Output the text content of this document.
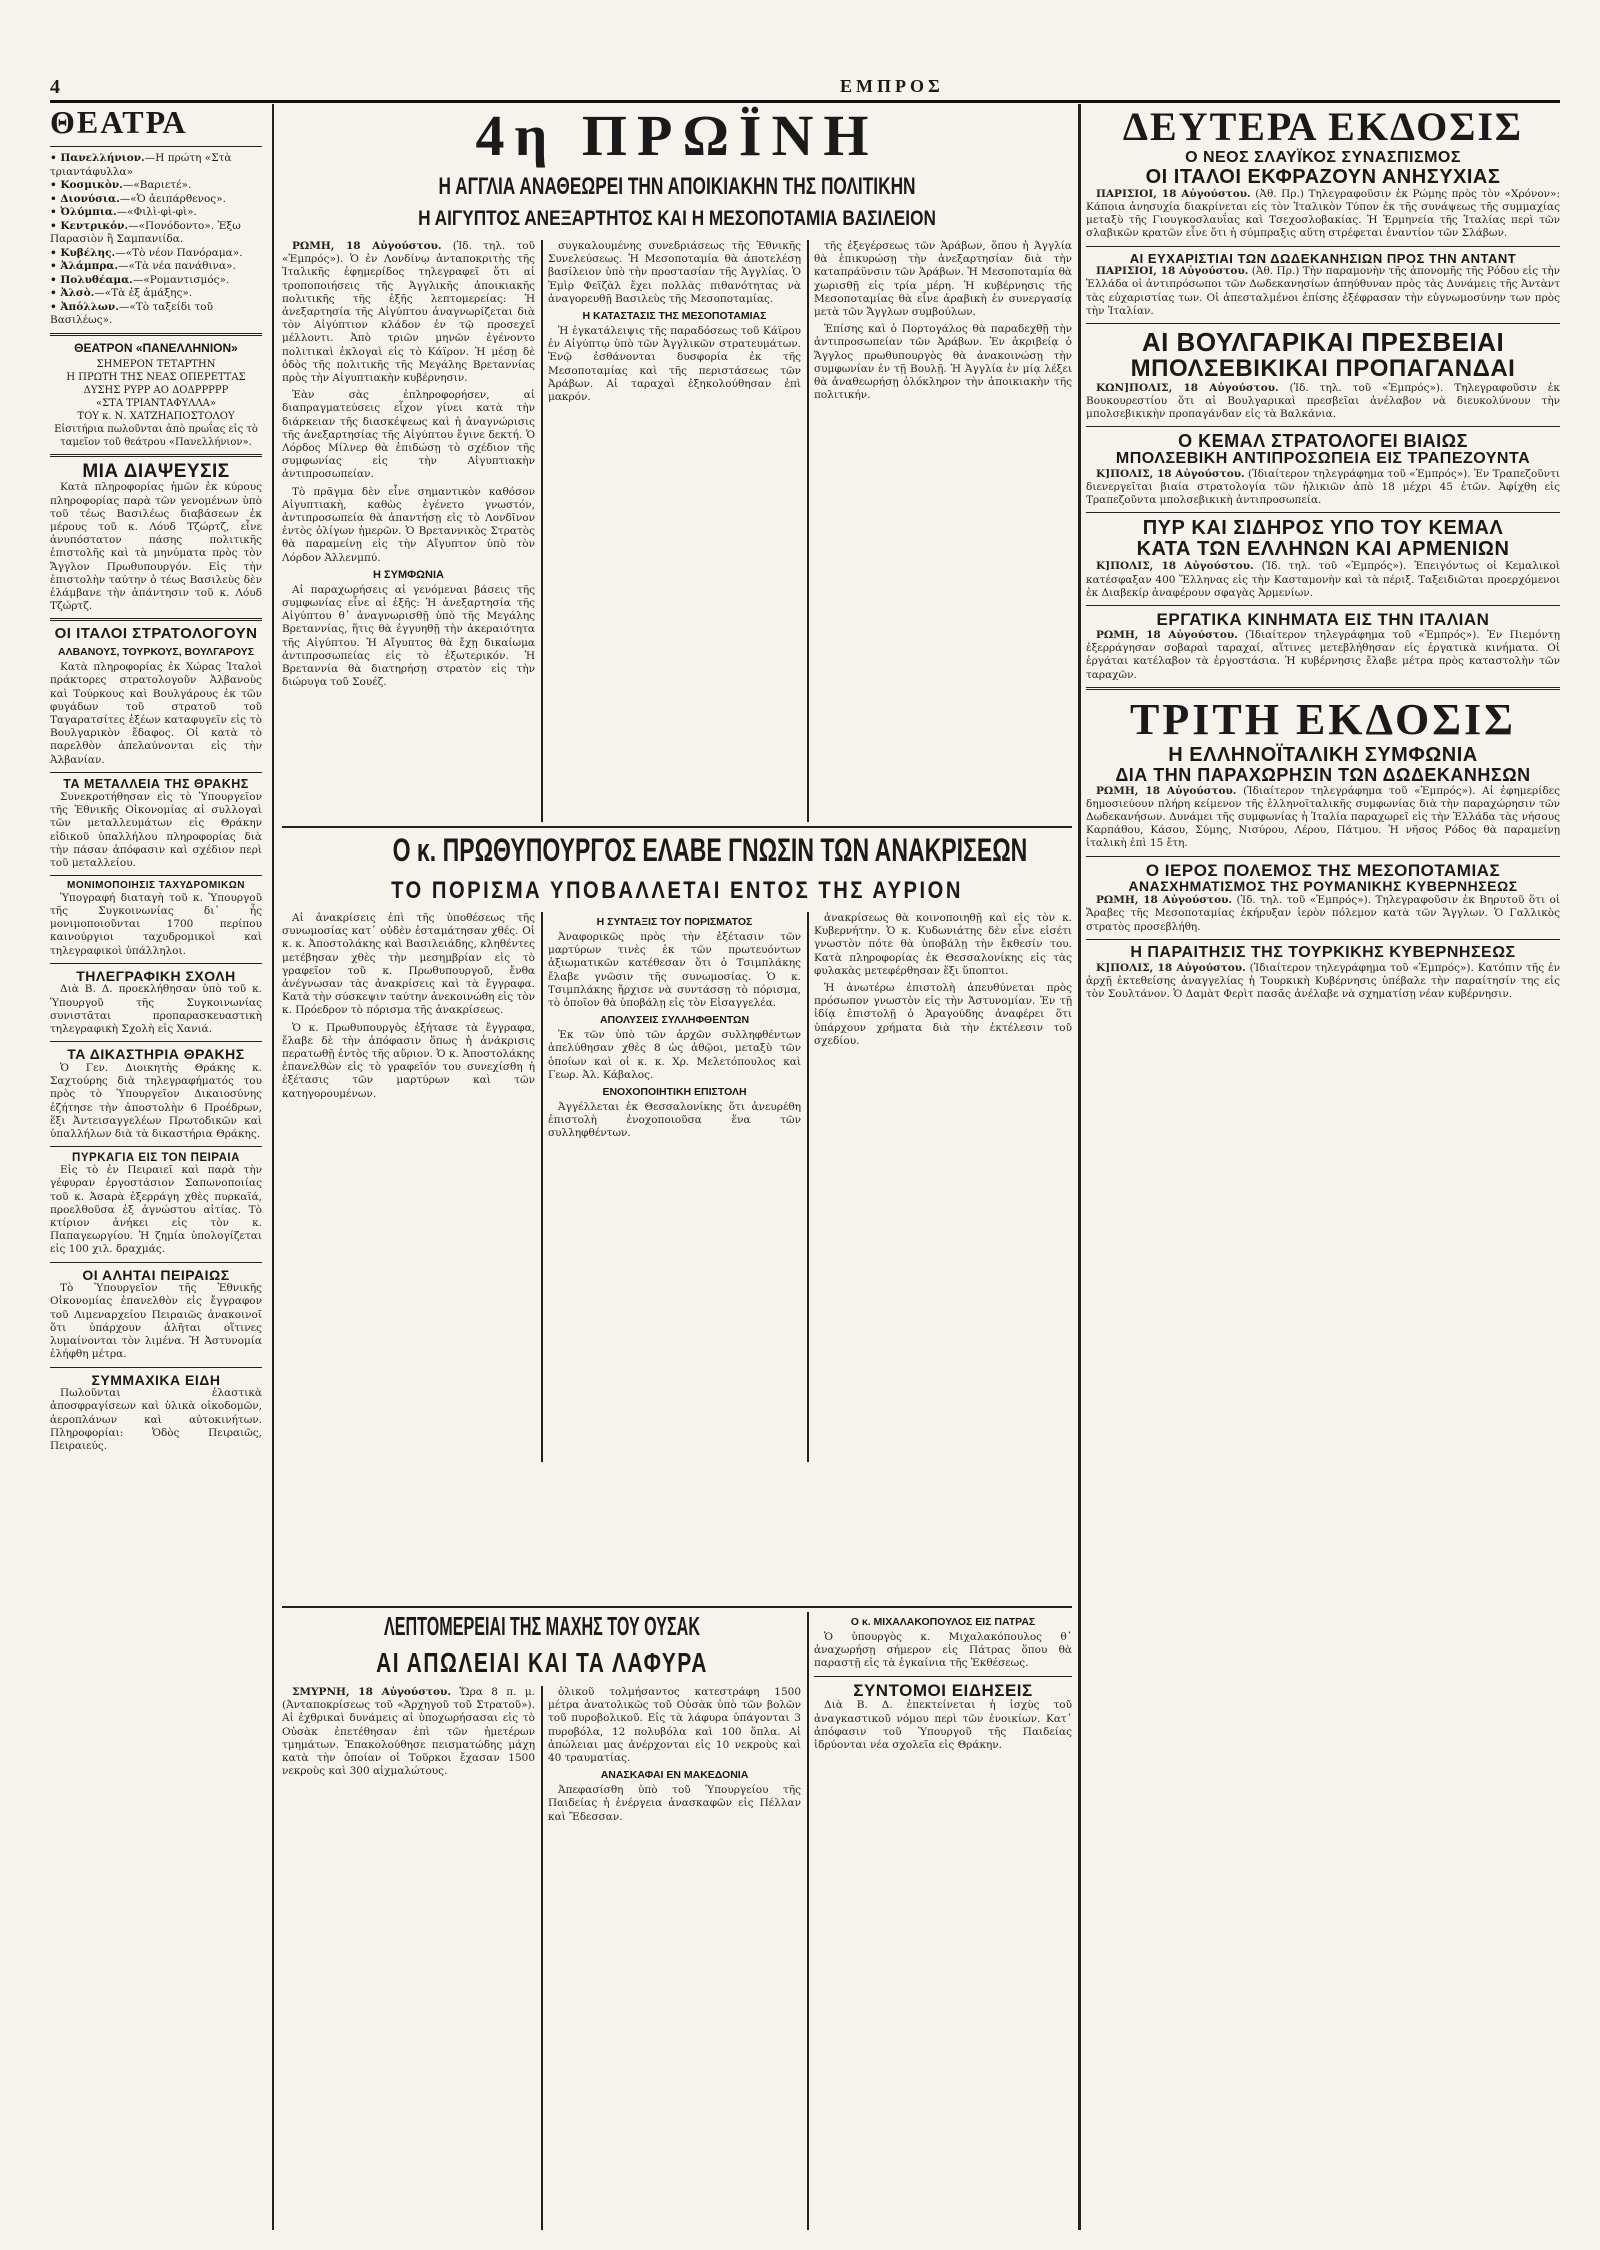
4	ΕΜΠΡΟΣ
ΘΕΑΤΡΑ
• Πανελλήνιον.—Η πρώτη «Στὰ τριαντάφυλλα»
• Κοσμικὸν.—«Βαριετέ».
• Διονύσια.—«Ὁ ἀειπάρθενος».
• Ὀλύμπια.—«Φιλὶ-φὶ-φὶ».
• Κεντρικόν.—«Πονόδοντο». Ἐξω Παρασιὸν ἢ Σαμπανιίδα.
• Κυβέλης.—«Τὸ νέον Πανόραμα».
• Ἀλάμπρα.—«Τὰ νέα πανάθινα».
• Πολυθέαμα.—«Ρομαντισμός».
• Ἀλσὸ.—«Τὰ ἐξ ἀμάξης».
• Ἀπόλλων.—«Τὸ ταξείδι τοῦ Βασιλέως».
ΘΕΑΤΡΟΝ «ΠΑΝΕΛΛΗΝΙΟΝ»
ΣΗΜΕΡΟΝ ΤΕΤΑΡΤΗΝ
Η ΠΡΩΤΗ ΤΗΣ ΝΕΑΣ ΟΠΕΡΕΤΤΑΣ
ΔΥΣΗΣ ΡΥΡΡ ΑΟ ΔΟΔΡΡΡΡΡ
«ΣΤΑ ΤΡΙΑΝΤΑΦΥΛΛΑ»
ΤΟΥ κ. Ν. ΧΑΤΖΗΑΠΟΣΤΟΛΟΥ
Εἰσιτήρια πωλοῦνται ἀπὸ πρωΐας εἰς τὸ ταμεῖον τοῦ θεάτρου «Πανελλήνιον».
ΜΙΑ ΔΙΑΨΕΥΣΙΣ

Κατὰ πληροφορίας ἡμῶν ἐκ κύρους πληροφορίας παρὰ τῶν γενομένων ὑπὸ τοῦ τέως Βασιλέως διαβάσεων ἐκ μέρους τοῦ κ. Λόυδ Τζώρτζ, εἶνε ἀνυπόστατον πάσης πολιτικῆς ἐπιστολῆς καὶ τὰ μηνύματα πρὸς τὸν Ἄγγλον Πρωθυπουργόν. Εἰς τὴν ἐπιστολὴν ταύτην ὁ τέως Βασιλεὺς δὲν ἐλάμβανε τὴν ἀπάντησιν τοῦ κ. Λόυδ Τζώρτζ.

ΟΙ ΙΤΑΛΟΙ ΣΤΡΑΤΟΛΟΓΟΥΝ
ΑΛΒΑΝΟΥΣ, ΤΟΥΡΚΟΥΣ, ΒΟΥΛΓΑΡΟΥΣ

Κατὰ πληροφορίας ἐκ Χώρας Ἰταλοὶ πράκτορες στρατολογοῦν Ἀλβανοὺς καὶ Τούρκους καὶ Βουλγάρους ἐκ τῶν φυγάδων τοῦ στρατοῦ τοῦ Ταγαρατσίτες ἐξέων καταφυγεῖν εἰς τὸ Βουλγαρικὸν ἔδαφος. Οἱ κατὰ τὸ παρελθὸν ἀπελαύνονται εἰς τὴν Ἀλβανίαν.

ΤΑ ΜΕΤΑΛΛΕΙΑ ΤΗΣ ΘΡΑΚΗΣ

Συνεκροτήθησαν εἰς τὸ Ὑπουργεῖον τῆς Ἐθνικῆς Οἰκονομίας αἱ συλλογαὶ τῶν μεταλλευμάτων εἰς Θράκην εἰδικοῦ ὑπαλλήλου πληροφορίας διὰ τὴν πάσαν ἀπόφασιν καὶ σχέδιον περὶ τοῦ μεταλλείου.

ΜΟΝΙΜΟΠΟΙΗΣΙΣ ΤΑΧΥΔΡΟΜΙΚΩΝ

Ὑπογραφή διαταγὴ τοῦ κ. Ὑπουργοῦ τῆς Συγκοινωνίας δι᾽ ἧς μονιμοποιοῦνται 1700 περίπου καινούργιοι ταχυδρομικοὶ καὶ τηλεγραφικοὶ ὑπάλληλοι.

ΤΗΛΕΓΡΑΦΙΚΗ ΣΧΟΛΗ

Διὰ Β. Δ. προεκλήθησαν ὑπὸ τοῦ κ. Ὑπουργοῦ τῆς Συγκοινωνίας συνιστᾶται προπαρασκευαστικὴ τηλεγραφικὴ Σχολὴ εἰς Χανιά.

ΤΑ ΔΙΚΑΣΤΗΡΙΑ ΘΡΑΚΗΣ

Ὁ Γεν. Διοικητὴς Θράκης κ. Σαχτούρης διὰ τηλεγραφήματός του πρὸς τὸ Ὑπουργεῖον Δικαιοσύνης ἐζήτησε τὴν ἀποστολὴν 6 Προέδρων, ἕξι Ἀντεισαγγελέων Πρωτοδικῶν καὶ ὑπαλλήλων διὰ τὰ δικαστήρια Θράκης.

ΠΥΡΚΑΓΙΑ ΕΙΣ ΤΟΝ ΠΕΙΡΑΙΑ

Εἰς τὸ ἐν Πειραιεῖ καὶ παρὰ τὴν γέφυραν ἐργοστάσιον Σαπωνοποιίας τοῦ κ. Ἀσαρὰ ἐξερράγη χθὲς πυρκαϊά, προελθοῦσα ἐξ ἀγνώστου αἰτίας. Τὸ κτίριον ἀνήκει εἰς τὸν κ. Παπαγεωργίου. Ἡ ζημία ὑπολογίζεται εἰς 100 χιλ. δραχμάς.

ΟΙ ΑΛΗΤΑΙ ΠΕΙΡΑΙΩΣ

Τὸ Ὑπουργεῖον τῆς Ἐθνικῆς Οἰκονομίας ἐπανελθὸν εἰς ἔγγραφον τοῦ Λιμεναρχείου Πειραιῶς ἀνακοινοῖ ὅτι ὑπάρχουν ἀλῆται οἵτινες λυμαίνονται τὸν λιμένα. Ἡ Ἀστυνομία ἐλήφθη μέτρα.

ΣΥΜΜΑΧΙΚΑ ΕΙΔΗ

Πωλοῦνται ἐλαστικὰ ἀποσφραγίσεων καὶ ὑλικὰ οἰκοδομῶν, ἀεροπλάνων καὶ αὐτοκινήτων. Πληροφορίαι: Ὁδὸς Πειραιῶς, Πειραιεύς.

4η ΠΡΩΪΝΗ
Η ΑΓΓΛΙΑ ΑΝΑΘΕΩΡΕΙ ΤΗΝ ΑΠΟΙΚΙΑΚΗΝ ΤΗΣ ΠΟΛΙΤΙΚΗΝ
Η ΑΙΓΥΠΤΟΣ ΑΝΕΞΑΡΤΗΤΟΣ ΚΑΙ Η ΜΕΣΟΠΟΤΑΜΙΑ ΒΑΣΙΛΕΙΟΝ

ΡΩΜΗ, 18 Αὐγούστου. (Ἰδ. τηλ. τοῦ «Ἐμπρός»). Ὁ ἐν Λονδίνῳ ἀνταποκριτὴς τῆς Ἰταλικῆς ἐφημερίδος τηλεγραφεῖ ὅτι αἱ τροποποιήσεις τῆς Ἀγγλικῆς ἀποικιακῆς πολιτικῆς τῆς ἐξῆς λεπτομερείας: Ἡ ἀνεξαρτησία τῆς Αἰγύπτου ἀναγνωρίζεται διὰ τὸν Αἰγύπτιον κλάδον ἐν τῷ προσεχεῖ μέλλοντι. Ἀπὸ τριῶν μηνῶν ἐγένοντο πολιτικαὶ ἐκλογαὶ εἰς τὸ Κάϊρον. Ἡ μέσῃ δὲ ὁδὸς τῆς πολιτικῆς τῆς Μεγάλης Βρεταννίας πρὸς τὴν Αἰγυπτιακὴν κυβέρνησιν.

Ἐὰν σὰς ἐπληροφορήσεν, αἱ διαπραγματεύσεις εἶχον γίνει κατὰ τὴν διάρκειαν τῆς διασκέψεως καὶ ἡ ἀναγνώρισις τῆς ἀνεξαρτησίας τῆς Αἰγύπτου ἔγινε δεκτή. Ὁ Λόρδος Μίλνερ θὰ ἐπιδώσῃ τὸ σχέδιον τῆς συμφωνίας εἰς τὴν Αἰγυπτιακὴν ἀντιπροσωπείαν.

Τὸ πρᾶγμα δὲν εἶνε σημαντικὸν καθόσον Αἰγυπτιακὴ, καθὼς ἐγένετο γνωστόν, ἀντιπροσωπεία θὰ ἀπαντήσῃ εἰς τὸ Λονδῖνον ἐντὸς ὀλίγων ἡμερῶν. Ὁ Βρεταννικὸς Στρατὸς θὰ παραμείνῃ εἰς τὴν Αἴγυπτον ὑπὸ τὸν Λόρδον Ἀλλενμπύ.

Η ΣΥΜΦΩΝΙΑ

Αἱ παραχωρήσεις αἱ γενόμεναι βάσεις τῆς συμφωνίας εἶνε αἱ ἐξῆς: Ἡ ἀνεξαρτησία τῆς Αἰγύπτου θ᾽ ἀναγνωρισθῇ ὑπὸ τῆς Μεγάλης Βρεταννίας, ἥτις θὰ ἐγγυηθῇ τὴν ἀκεραιότητα τῆς Αἰγύπτου. Ἡ Αἴγυπτος θὰ ἔχῃ δικαίωμα ἀντιπροσωπείας εἰς τὸ ἐξωτερικόν. Ἡ Βρεταννία θὰ διατηρήσῃ στρατὸν εἰς τὴν διώρυγα τοῦ Σουέζ.

συγκαλουμένης συνεδριάσεως τῆς Ἐθνικῆς Συνελεύσεως. Ἡ Μεσοποταμία θὰ ἀποτελέσῃ βασίλειον ὑπὸ τὴν προστασίαν τῆς Ἀγγλίας. Ὁ Ἐμὶρ Φεϊζὰλ ἔχει πολλὰς πιθανότητας νὰ ἀναγορευθῇ Βασιλεὺς τῆς Μεσοποταμίας.

Η ΚΑΤΑΣΤΑΣΙΣ ΤΗΣ ΜΕΣΟΠΟΤΑΜΙΑΣ

Ἡ ἐγκατάλειψις τῆς παραδόσεως τοῦ Κάϊρου ἐν Αἰγύπτῳ ὑπὸ τῶν Ἀγγλικῶν στρατευμάτων. Ἐνῷ ἐσθάνονται δυσφορία ἐκ τῆς Μεσοποταμίας καὶ τῆς περιστάσεως τῶν Ἀράβων. Αἱ ταραχαὶ ἐξηκολούθησαν ἐπὶ μακρόν.

τῆς ἐξεγέρσεως τῶν Ἀράβων, ὅπου ἡ Ἀγγλία θὰ ἐπικυρώσῃ τὴν ἀνεξαρτησίαν διὰ τὴν καταπράϋνσιν τῶν Ἀράβων. Ἡ Μεσοποταμία θὰ χωρισθῇ εἰς τρία μέρη. Ἡ κυβέρνησις τῆς Μεσοποταμίας θὰ εἶνε ἀραβικὴ ἐν συνεργασίᾳ μετὰ τῶν Ἄγγλων συμβούλων.

Ἐπίσης καὶ ὁ Πορτογάλος θὰ παραδεχθῇ τὴν ἀντιπροσωπείαν τῶν Ἀράβων. Ἐν ἀκριβείᾳ ὁ Ἄγγλος πρωθυπουργὸς θὰ ἀνακοινώσῃ τὴν συμφωνίαν ἐν τῇ Βουλῇ. Ἡ Ἀγγλία ἐν μίᾳ λέξει θὰ ἀναθεωρήσῃ ὁλόκληρον τὴν ἀποικιακὴν τῆς πολιτικήν.

Ο κ. ΠΡΩΘΥΠΟΥΡΓΟΣ ΕΛΑΒΕ ΓΝΩΣΙΝ ΤΩΝ ΑΝΑΚΡΙΣΕΩΝ
ΤΟ ΠΟΡΙΣΜΑ ΥΠΟΒΑΛΛΕΤΑΙ ΕΝΤΟΣ ΤΗΣ ΑΥΡΙΟΝ

Αἱ ἀνακρίσεις ἐπὶ τῆς ὑποθέσεως τῆς συνωμοσίας κατ᾽ οὐδὲν ἐσταμάτησαν χθές. Οἱ κ. κ. Ἀποστολάκης καὶ Βασιλειάδης, κληθέντες μετέβησαν χθὲς τὴν μεσημβρίαν εἰς τὸ γραφεῖον τοῦ κ. Πρωθυπουργοῦ, ἔνθα ἀνέγνωσαν τὰς ἀνακρίσεις καὶ τὰ ἔγγραφα. Κατὰ τὴν σύσκεψιν ταύτην ἀνεκοινώθη εἰς τὸν κ. Πρόεδρον τὸ πόρισμα τῆς ἀνακρίσεως.

Ὁ κ. Πρωθυπουργὸς ἐξήτασε τὰ ἔγγραφα, ἔλαβε δὲ τὴν ἀπόφασιν ὅπως ἡ ἀνάκρισις περατωθῇ ἐντὸς τῆς αὔριον. Ὁ κ. Ἀποστολάκης ἐπανελθὼν εἰς τὸ γραφεῖόν του συνεχίσθη ἡ ἐξέτασις τῶν μαρτύρων καὶ τῶν κατηγορουμένων.

Η ΣΥΝΤΑΞΙΣ ΤΟΥ ΠΟΡΙΣΜΑΤΟΣ

Ἀναφορικῶς πρὸς τὴν ἐξέτασιν τῶν μαρτύρων τινὲς ἐκ τῶν πρωτευόντων ἀξιωματικῶν κατέθεσαν ὅτι ὁ Τσιμπλάκης ἔλαβε γνῶσιν τῆς συνωμοσίας. Ὁ κ. Τσιμπλάκης ἤρχισε νὰ συντάσσῃ τὸ πόρισμα, τὸ ὁποῖον θὰ ὑποβάλῃ εἰς τὸν Εἰσαγγελέα.

ΑΠΟΛΥΣΕΙΣ ΣΥΛΛΗΦΘΕΝΤΩΝ

Ἐκ τῶν ὑπὸ τῶν ἀρχῶν συλληφθέντων ἀπελύθησαν χθὲς 8 ὡς ἀθῷοι, μεταξὺ τῶν ὁποίων καὶ οἱ κ. κ. Χρ. Μελετόπουλος καὶ Γεωρ. Ἀλ. Κάβαλος.

ΕΝΟΧΟΠΟΙΗΤΙΚΗ ΕΠΙΣΤΟΛΗ

Ἀγγέλλεται ἐκ Θεσσαλονίκης ὅτι ἀνευρέθη ἐπιστολὴ ἐνοχοποιοῦσα ἕνα τῶν συλληφθέντων.

ἀνακρίσεως θὰ κοινοποιηθῇ καὶ εἰς τὸν κ. Κυβερνήτην. Ὁ κ. Κυδωνιάτης δὲν εἶνε εἰσέτι γνωστὸν πότε θὰ ὑποβάλῃ τὴν ἔκθεσίν του. Κατὰ πληροφορίας ἐκ Θεσσαλονίκης εἰς τὰς φυλακὰς μετεφέρθησαν ἕξι ὕποπτοι.

Ἡ ἀνωτέρω ἐπιστολὴ ἀπευθύνεται πρὸς πρόσωπον γνωστὸν εἰς τὴν Ἀστυνομίαν. Ἐν τῇ ἰδίᾳ ἐπιστολῇ ὁ Ἀραγούδης ἀναφέρει ὅτι ὑπάρχουν χρήματα διὰ τὴν ἐκτέλεσιν τοῦ σχεδίου.

ΛΕΠΤΟΜΕΡΕΙΑΙ ΤΗΣ ΜΑΧΗΣ ΤΟΥ ΟΥΣΑΚ
ΑΙ ΑΠΩΛΕΙΑΙ ΚΑΙ ΤΑ ΛΑΦΥΡΑ

ΣΜΥΡΝΗ, 18 Αὐγούστου. Ὥρα 8 π. μ. (Ἀνταποκρίσεως τοῦ «Ἀρχηγοῦ τοῦ Στρατοῦ»). Αἱ ἐχθρικαὶ δυνάμεις αἱ ὑποχωρήσασαι εἰς τὸ Οὐσὰκ ἐπετέθησαν ἐπὶ τῶν ἡμετέρων τμημάτων. Ἐπακολούθησε πεισματώδης μάχη κατὰ τὴν ὁποίαν οἱ Τοῦρκοι ἔχασαν 1500 νεκροὺς καὶ 300 αἰχμαλώτους.

ὁλικοῦ τολμήσαντος κατεστράφη 1500 μέτρα ἀνατολικῶς τοῦ Οὐσὰκ ὑπὸ τῶν βολῶν τοῦ πυροβολικοῦ. Εἰς τὰ λάφυρα ὑπάγονται 3 πυροβόλα, 12 πολυβόλα καὶ 100 ὅπλα. Αἱ ἀπώλειαι μας ἀνέρχονται εἰς 10 νεκροὺς καὶ 40 τραυματίας.

ΑΝΑΣΚΑΦΑΙ ΕΝ ΜΑΚΕΔΟΝΙΑ

Ἀπεφασίσθη ὑπὸ τοῦ Ὑπουργείου τῆς Παιδείας ἡ ἐνέργεια ἀνασκαφῶν εἰς Πέλλαν καὶ Ἔδεσσαν.

Ο κ. ΜΙΧΑΛΑΚΟΠΟΥΛΟΣ ΕΙΣ ΠΑΤΡΑΣ

Ὁ ὑπουργὸς κ. Μιχαλακόπουλος θ᾽ ἀναχωρήσῃ σήμερον εἰς Πάτρας ὅπου θὰ παραστῇ εἰς τὰ ἐγκαίνια τῆς Ἐκθέσεως.

ΣΥΝΤΟΜΟΙ ΕΙΔΗΣΕΙΣ

Διὰ Β. Δ. ἐπεκτείνεται ἡ ἰσχὺς τοῦ ἀναγκαστικοῦ νόμου περὶ τῶν ἐνοικίων. Κατ᾽ ἀπόφασιν τοῦ Ὑπουργοῦ τῆς Παιδείας ἱδρύονται νέα σχολεῖα εἰς Θράκην.

ΔΕΥΤΕΡΑ ΕΚΔΟΣΙΣ
Ο ΝΕΟΣ ΣΛΑΥΪΚΟΣ ΣΥΝΑΣΠΙΣΜΟΣ
ΟΙ ΙΤΑΛΟΙ ΕΚΦΡΑΖΟΥΝ ΑΝΗΣΥΧΙΑΣ

ΠΑΡΙΣΙΟΙ, 18 Αὐγούστου. (Ἀθ. Πρ.) Τηλεγραφοῦσιν ἐκ Ρώμης πρὸς τὸν «Χρόνον»: Κάποια ἀνησυχία διακρίνεται εἰς τὸν Ἰταλικὸν Τύπον ἐκ τῆς συνάψεως τῆς συμμαχίας μεταξὺ τῆς Γιουγκοσλαυΐας καὶ Τσεχοσλοβακίας. Ἡ Ἑρμηνεία τῆς Ἰταλίας περὶ τῶν σλαβικῶν κρατῶν εἶνε ὅτι ἡ σύμπραξις αὕτη στρέφεται ἐναντίον τῶν Σλάβων.

ΑΙ ΕΥΧΑΡΙΣΤΙΑΙ ΤΩΝ ΔΩΔΕΚΑΝΗΣΙΩΝ ΠΡΟΣ ΤΗΝ ΑΝΤΑΝΤ

ΠΑΡΙΣΙΟΙ, 18 Αὐγούστου. (Ἀθ. Πρ.) Τὴν παραμονὴν τῆς ἀπονομῆς τῆς Ρόδου εἰς τὴν Ἑλλάδα οἱ ἀντιπρόσωποι τῶν Δωδεκανησίων ἀπηύθυναν πρὸς τὰς Δυνάμεις τῆς Ἀντὰντ τὰς εὐχαριστίας των. Οἱ ἀπεσταλμένοι ἐπίσης ἐξέφρασαν τὴν εὐγνωμοσύνην των πρὸς τὴν Ἰταλίαν.

ΑΙ ΒΟΥΛΓΑΡΙΚΑΙ ΠΡΕΣΒΕΙΑΙ
ΜΠΟΛΣΕΒΙΚΙΚΑΙ ΠΡΟΠΑΓΑΝΔΑΙ

ΚΩΝ]ΠΟΛΙΣ, 18 Αὐγούστου. (Ἰδ. τηλ. τοῦ «Ἐμπρός»). Τηλεγραφοῦσιν ἐκ Βουκουρεστίου ὅτι αἱ Βουλγαρικαὶ πρεσβεῖαι ἀνέλαβον νὰ διευκολύνουν τὴν μπολσεβικικὴν προπαγάνδαν εἰς τὰ Βαλκάνια.

Ο ΚΕΜΑΛ ΣΤΡΑΤΟΛΟΓΕΙ ΒΙΑΙΩΣ
ΜΠΟΛΣΕΒΙΚΗ ΑΝΤΙΠΡΟΣΩΠΕΙΑ ΕΙΣ ΤΡΑΠΕΖΟΥΝΤΑ

Κ]ΠΟΛΙΣ, 18 Αὐγούστου. (Ἰδιαίτερον τηλεγράφημα τοῦ «Ἐμπρός»). Ἐν Τραπεζοῦντι διενεργεῖται βιαία στρατολογία τῶν ἡλικιῶν ἀπὸ 18 μέχρι 45 ἐτῶν. Ἀφίχθη εἰς Τραπεζοῦντα μπολσεβικικὴ ἀντιπροσωπεία.

ΠΥΡ ΚΑΙ ΣΙΔΗΡΟΣ ΥΠΟ ΤΟΥ ΚΕΜΑΛ
ΚΑΤΑ ΤΩΝ ΕΛΛΗΝΩΝ ΚΑΙ ΑΡΜΕΝΙΩΝ

Κ]ΠΟΛΙΣ, 18 Αὐγούστου. (Ἰδ. τηλ. τοῦ «Ἐμπρός»). Ἐπειγόντως οἱ Κεμαλικοὶ κατέσφαξαν 400 Ἕλληνας εἰς τὴν Κασταμονὴν καὶ τὰ πέριξ. Ταξειδιῶται προερχόμενοι ἐκ Διαβεκίρ ἀναφέρουν σφαγὰς Ἀρμενίων.

ΕΡΓΑΤΙΚΑ ΚΙΝΗΜΑΤΑ ΕΙΣ ΤΗΝ ΙΤΑΛΙΑΝ

ΡΩΜΗ, 18 Αὐγούστου. (Ἰδιαίτερον τηλεγράφημα τοῦ «Ἐμπρός»). Ἐν Πιεμόντῃ ἐξερράγησαν σοβαραὶ ταραχαί, αἵτινες μετεβλήθησαν εἰς ἐργατικὰ κινήματα. Οἱ ἐργάται κατέλαβον τὰ ἐργοστάσια. Ἡ κυβέρνησις ἔλαβε μέτρα πρὸς καταστολὴν τῶν ταραχῶν.

ΤΡΙΤΗ ΕΚΔΟΣΙΣ
Η ΕΛΛΗΝΟΪΤΑΛΙΚΗ ΣΥΜΦΩΝΙΑ
ΔΙΑ ΤΗΝ ΠΑΡΑΧΩΡΗΣΙΝ ΤΩΝ ΔΩΔΕΚΑΝΗΣΩΝ

ΡΩΜΗ, 18 Αὐγούστου. (Ἰδιαίτερον τηλεγράφημα τοῦ «Ἐμπρός»). Αἱ ἐφημερίδες δημοσιεύουν πλήρη κείμενον τῆς ἑλληνοϊταλικῆς συμφωνίας διὰ τὴν παραχώρησιν τῶν Δωδεκανήσων. Δυνάμει τῆς συμφωνίας ἡ Ἰταλία παραχωρεῖ εἰς τὴν Ἑλλάδα τὰς νήσους Καρπάθου, Κάσου, Σύμης, Νισύρου, Λέρου, Πάτμου. Ἡ νῆσος Ρόδος θὰ παραμείνῃ ἰταλικὴ ἐπὶ 15 ἔτη.

Ο ΙΕΡΟΣ ΠΟΛΕΜΟΣ ΤΗΣ ΜΕΣΟΠΟΤΑΜΙΑΣ
ΑΝΑΣΧΗΜΑΤΙΣΜΟΣ ΤΗΣ ΡΟΥΜΑΝΙΚΗΣ ΚΥΒΕΡΝΗΣΕΩΣ

ΡΩΜΗ, 18 Αὐγούστου. (Ἰδ. τηλ. τοῦ «Ἐμπρός»). Τηλεγραφοῦσιν ἐκ Βηρυτοῦ ὅτι οἱ Ἄραβες τῆς Μεσοποταμίας ἐκήρυξαν ἱερὸν πόλεμον κατὰ τῶν Ἄγγλων. Ὁ Γαλλικὸς στρατὸς προσεβλήθη.

Η ΠΑΡΑΙΤΗΣΙΣ ΤΗΣ ΤΟΥΡΚΙΚΗΣ ΚΥΒΕΡΝΗΣΕΩΣ

Κ]ΠΟΛΙΣ, 18 Αὐγούστου. (Ἰδιαίτερον τηλεγράφημα τοῦ «Ἐμπρός»). Κατόπιν τῆς ἐν ἀρχῇ ἐκτεθείσης ἀναγγελίας ἡ Τουρκικὴ Κυβέρνησις ὑπέβαλε τὴν παραίτησίν της εἰς τὸν Σουλτάνον. Ὁ Δαμὰτ Φερὶτ πασᾶς ἀνέλαβε νὰ σχηματίσῃ νέαν κυβέρνησιν.
